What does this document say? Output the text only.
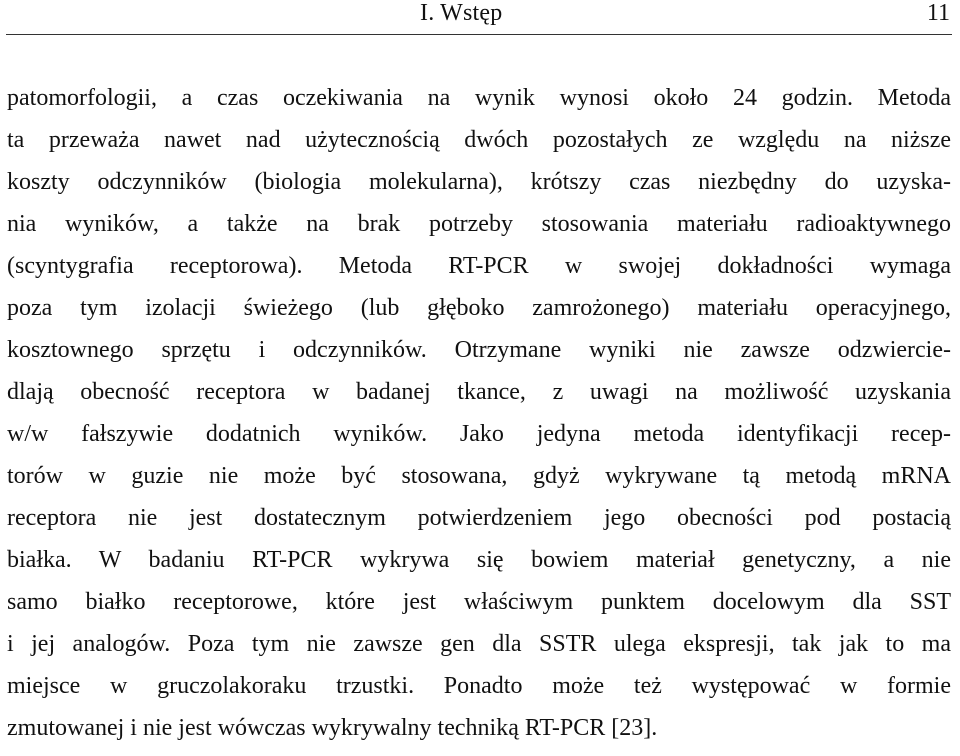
I. Wstęp	11
patomorfologii, a czas oczekiwania na wynik wynosi około 24 godzin. Metoda
ta przeważa nawet nad użytecznością dwóch pozostałych ze względu na niższe
koszty odczynników (biologia molekularna), krótszy czas niezbędny do uzyska-
nia wyników, a także na brak potrzeby stosowania materiału radioaktywnego
(scyntygrafia receptorowa). Metoda RT-PCR w swojej dokładności wymaga
poza tym izolacji świeżego (lub głęboko zamrożonego) materiału operacyjnego,
kosztownego sprzętu i odczynników. Otrzymane wyniki nie zawsze odzwiercie-
dlają obecność receptora w badanej tkance, z uwagi na możliwość uzyskania
w/w fałszywie dodatnich wyników. Jako jedyna metoda identyfikacji recep-
torów w guzie nie może być stosowana, gdyż wykrywane tą metodą mRNA
receptora nie jest dostatecznym potwierdzeniem jego obecności pod postacią
białka. W badaniu RT-PCR wykrywa się bowiem materiał genetyczny, a nie
samo białko receptorowe, które jest właściwym punktem docelowym dla SST
i jej analogów. Poza tym nie zawsze gen dla SSTR ulega ekspresji, tak jak to ma
miejsce w gruczolakoraku trzustki. Ponadto może też występować w formie
zmutowanej i nie jest wówczas wykrywalny techniką RT-PCR [23].
